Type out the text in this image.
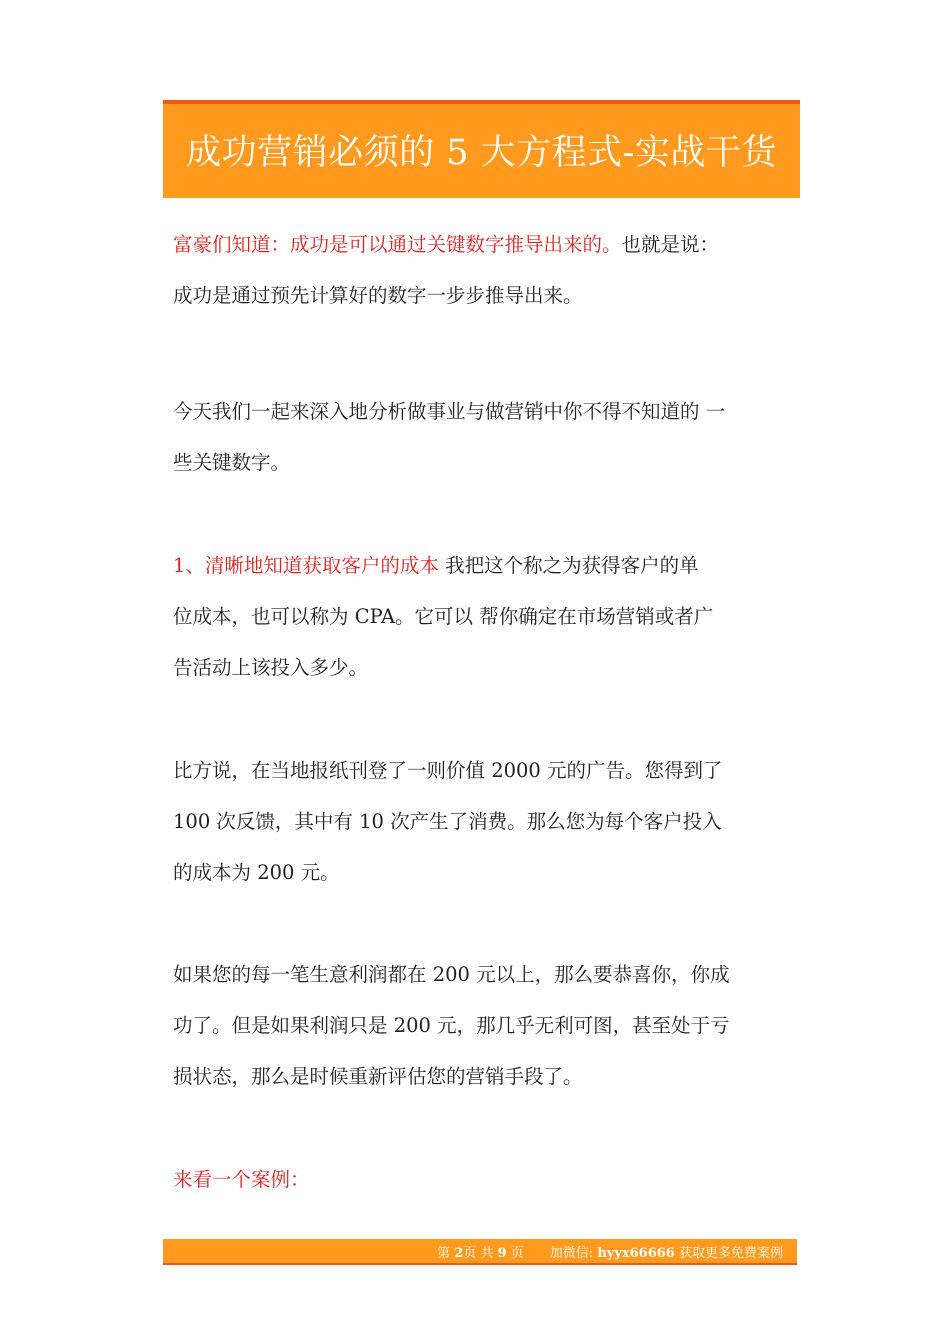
成功营销必须的 5 大方程式-实战干货

富豪们知道：成功是可以通过关键数字推导出来的。也就是说：
成功是通过预先计算好的数字一步步推导出来。

今天我们一起来深入地分析做事业与做营销中你不得不知道的 一
些关键数字。

1、清晰地知道获取客户的成本 我把这个称之为获得客户的单
位成本，也可以称为 CPA。它可以 帮你确定在市场营销或者广
告活动上该投入多少。

比方说，在当地报纸刊登了一则价值 2000 元的广告。您得到了
100 次反馈，其中有 10 次产生了消费。那么您为每个客户投入
的成本为 200 元。

如果您的每一笔生意利润都在 200 元以上，那么要恭喜你，你成
功了。但是如果利润只是 200 元，那几乎无利可图，甚至处于亏
损状态，那么是时候重新评估您的营销手段了。

来看一个案例：

第 2页 共 9 页 加微信: hyyx66666 获取更多免费案例
